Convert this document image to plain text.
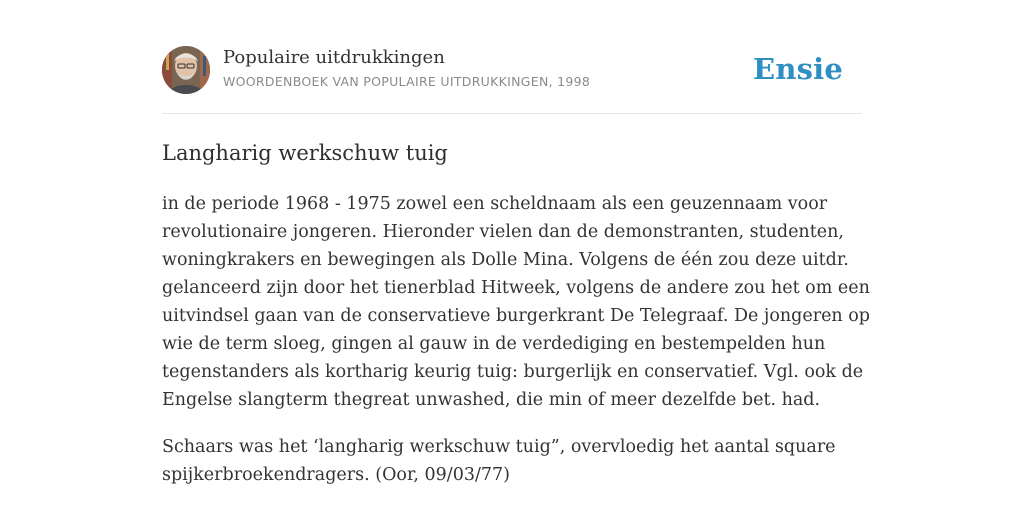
Populaire uitdrukkingen
WOORDENBOEK VAN POPULAIRE UITDRUKKINGEN, 1998	Ensie
Langharig werkschuw tuig
in de periode 1968 - 1975 zowel een scheldnaam als een geuzennaam voor
revolutionaire jongeren. Hieronder vielen dan de demonstranten, studenten,
woningkrakers en bewegingen als Dolle Mina. Volgens de één zou deze uitdr.
gelanceerd zijn door het tienerblad Hitweek, volgens de andere zou het om een
uitvindsel gaan van de conservatieve burgerkrant De Telegraaf. De jongeren op
wie de term sloeg, gingen al gauw in de verdediging en bestempelden hun
tegenstanders als kortharig keurig tuig: burgerlijk en conservatief. Vgl. ook de
Engelse slangterm thegreat unwashed, die min of meer dezelfde bet. had.
Schaars was het ‘langharig werkschuw tuig”, overvloedig het aantal square
spijkerbroekendragers. (Oor, 09/03/77)
